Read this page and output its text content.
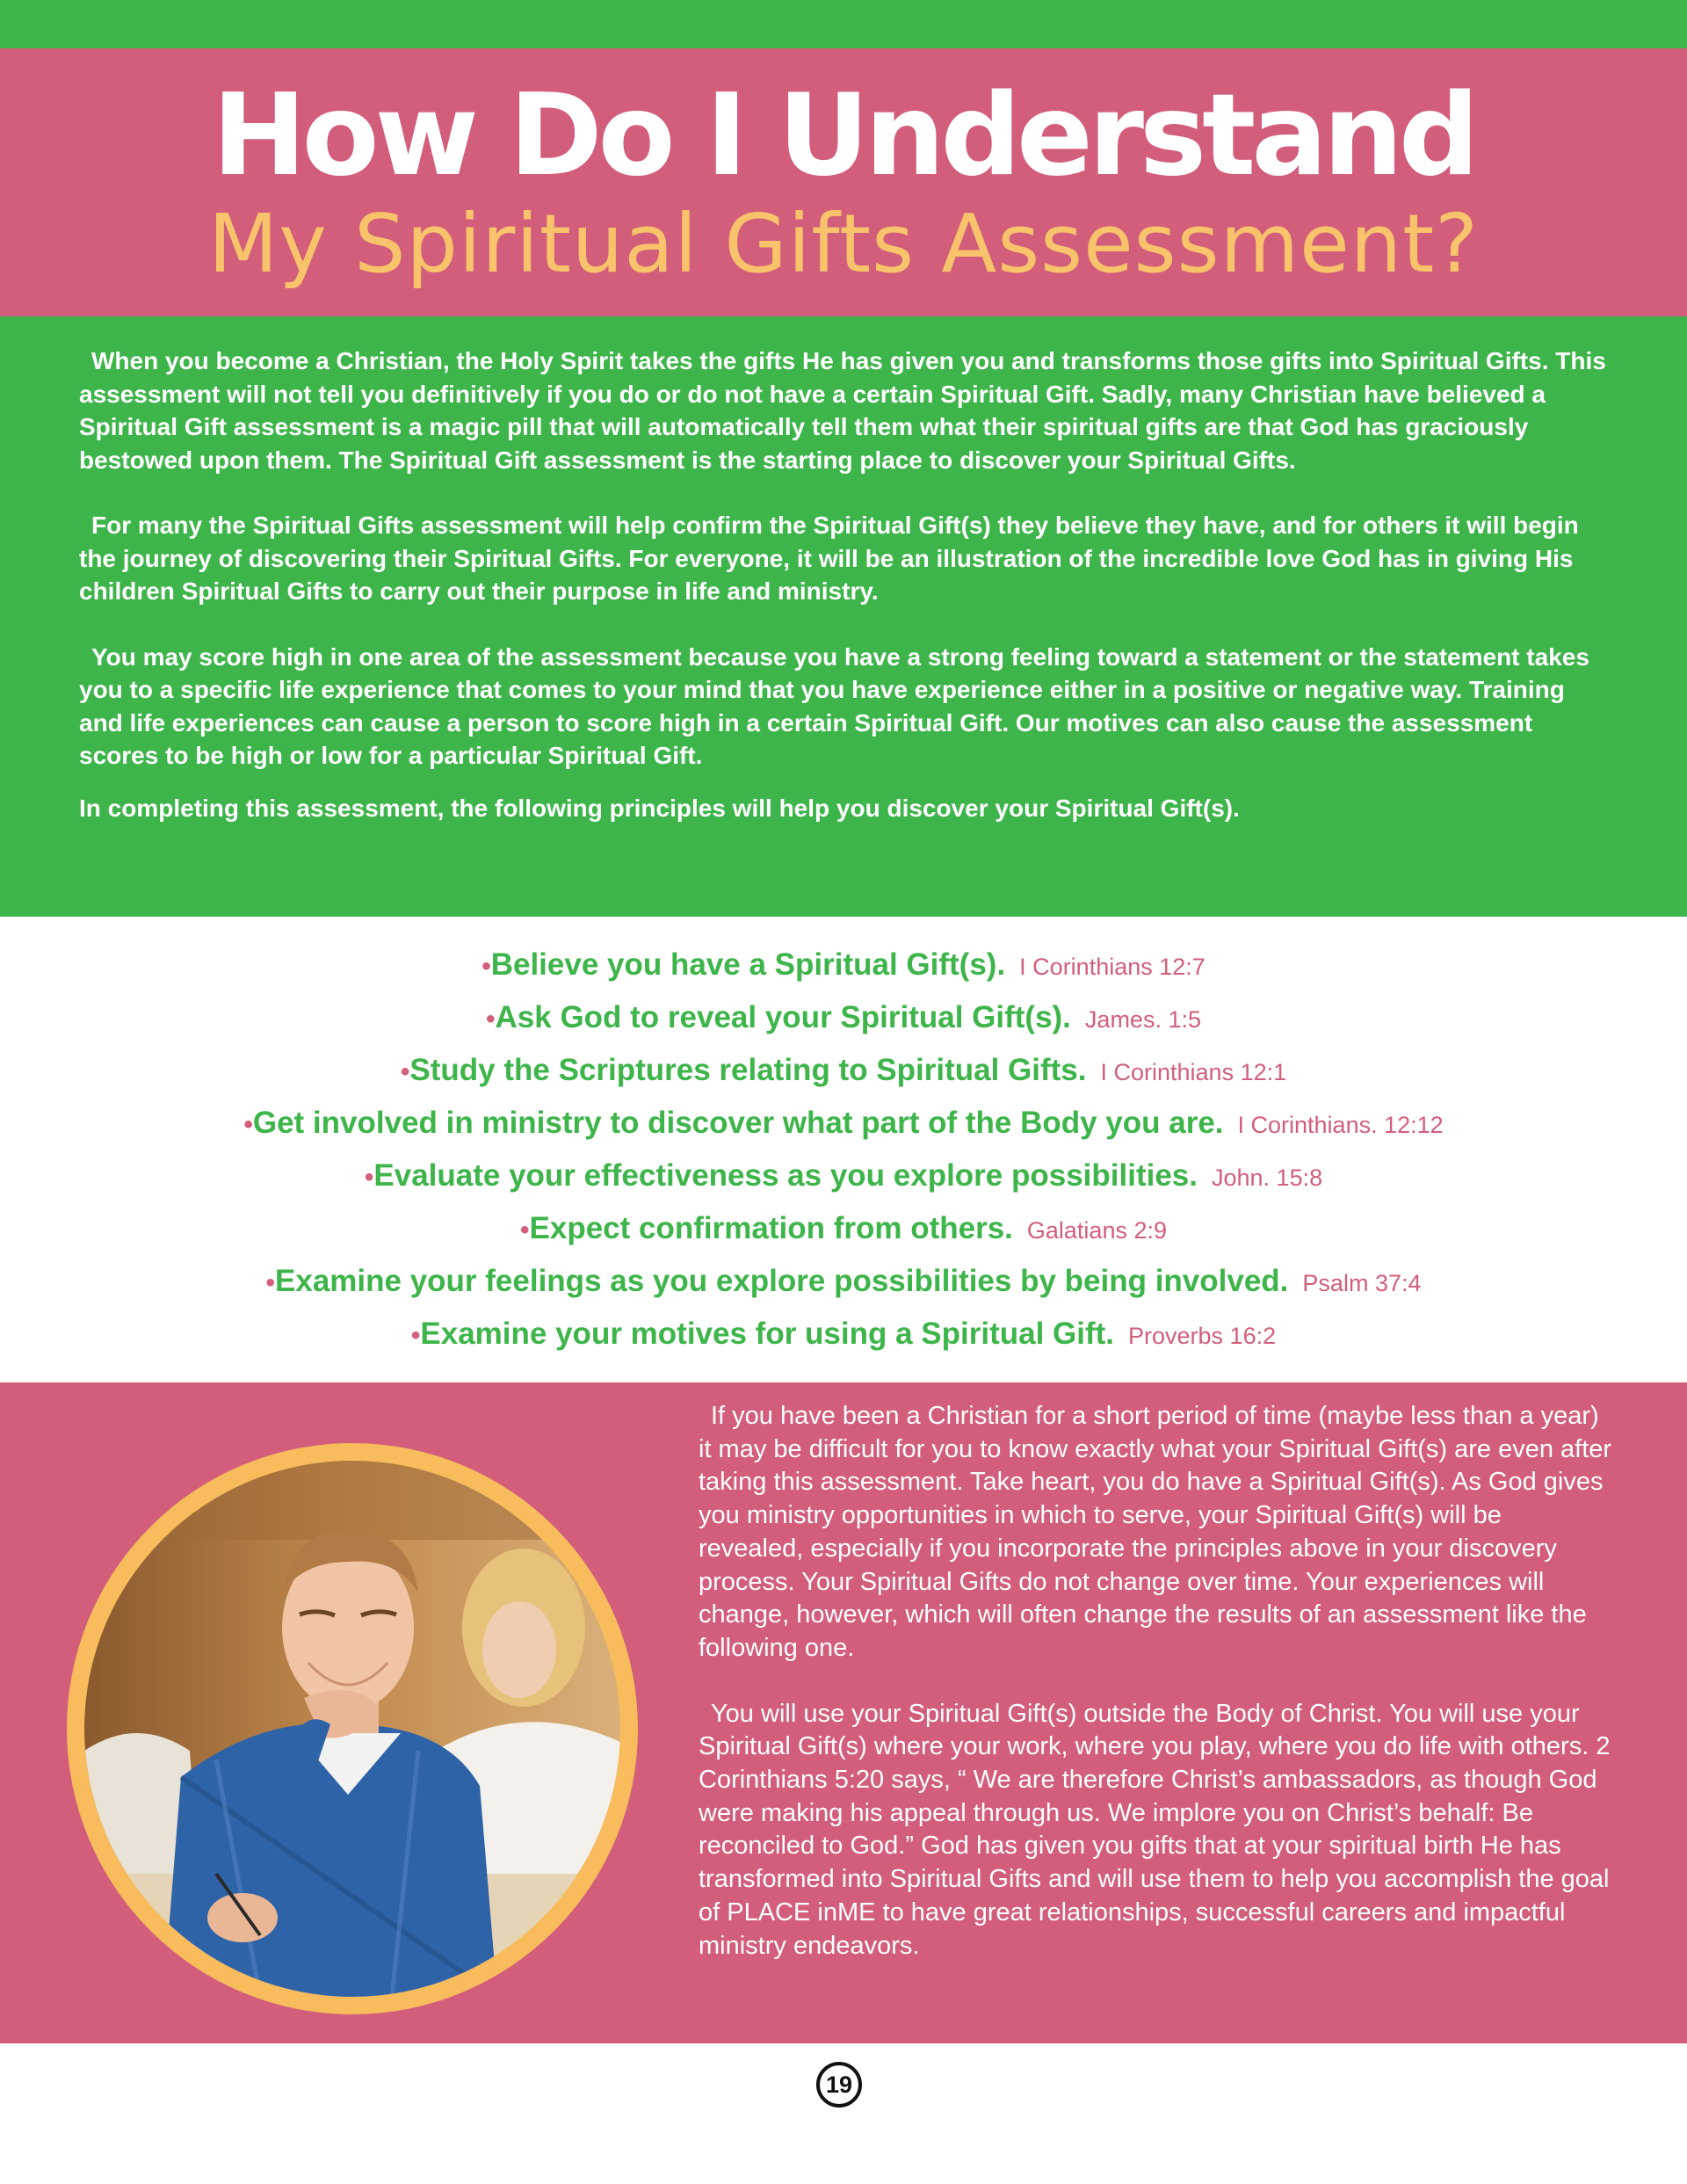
How Do I Understand
My Spiritual Gifts Assessment?

When you become a Christian, the Holy Spirit takes the gifts He has given you and transforms those gifts into Spiritual Gifts. This assessment will not tell you definitively if you do or do not have a certain Spiritual Gift. Sadly, many Christian have believed a Spiritual Gift assessment is a magic pill that will automatically tell them what their spiritual gifts are that God has graciously bestowed upon them. The Spiritual Gift assessment is the starting place to discover your Spiritual Gifts.

For many the Spiritual Gifts assessment will help confirm the Spiritual Gift(s) they believe they have, and for others it will begin the journey of discovering their Spiritual Gifts. For everyone, it will be an illustration of the incredible love God has in giving His children Spiritual Gifts to carry out their purpose in life and ministry.

You may score high in one area of the assessment because you have a strong feeling toward a statement or the statement takes you to a specific life experience that comes to your mind that you have experience either in a positive or negative way. Training and life experiences can cause a person to score high in a certain Spiritual Gift. Our motives can also cause the assessment scores to be high or low for a particular Spiritual Gift.

In completing this assessment, the following principles will help you discover your Spiritual Gift(s).

•Believe you have a Spiritual Gift(s). I Corinthians 12:7
•Ask God to reveal your Spiritual Gift(s). James. 1:5
•Study the Scriptures relating to Spiritual Gifts. I Corinthians 12:1
•Get involved in ministry to discover what part of the Body you are. I Corinthians. 12:12
•Evaluate your effectiveness as you explore possibilities. John. 15:8
•Expect confirmation from others. Galatians 2:9
•Examine your feelings as you explore possibilities by being involved. Psalm 37:4
•Examine your motives for using a Spiritual Gift. Proverbs 16:2

If you have been a Christian for a short period of time (maybe less than a year) it may be difficult for you to know exactly what your Spiritual Gift(s) are even after taking this assessment. Take heart, you do have a Spiritual Gift(s). As God gives you ministry opportunities in which to serve, your Spiritual Gift(s) will be revealed, especially if you incorporate the principles above in your discovery process. Your Spiritual Gifts do not change over time. Your experiences will change, however, which will often change the results of an assessment like the following one.

You will use your Spiritual Gift(s) outside the Body of Christ. You will use your Spiritual Gift(s) where your work, where you play, where you do life with others. 2 Corinthians 5:20 says, “ We are therefore Christ’s ambassadors, as though God were making his appeal through us. We implore you on Christ’s behalf: Be reconciled to God.” God has given you gifts that at your spiritual birth He has transformed into Spiritual Gifts and will use them to help you accomplish the goal of PLACE inME to have great relationships, successful careers and impactful ministry endeavors.

19
